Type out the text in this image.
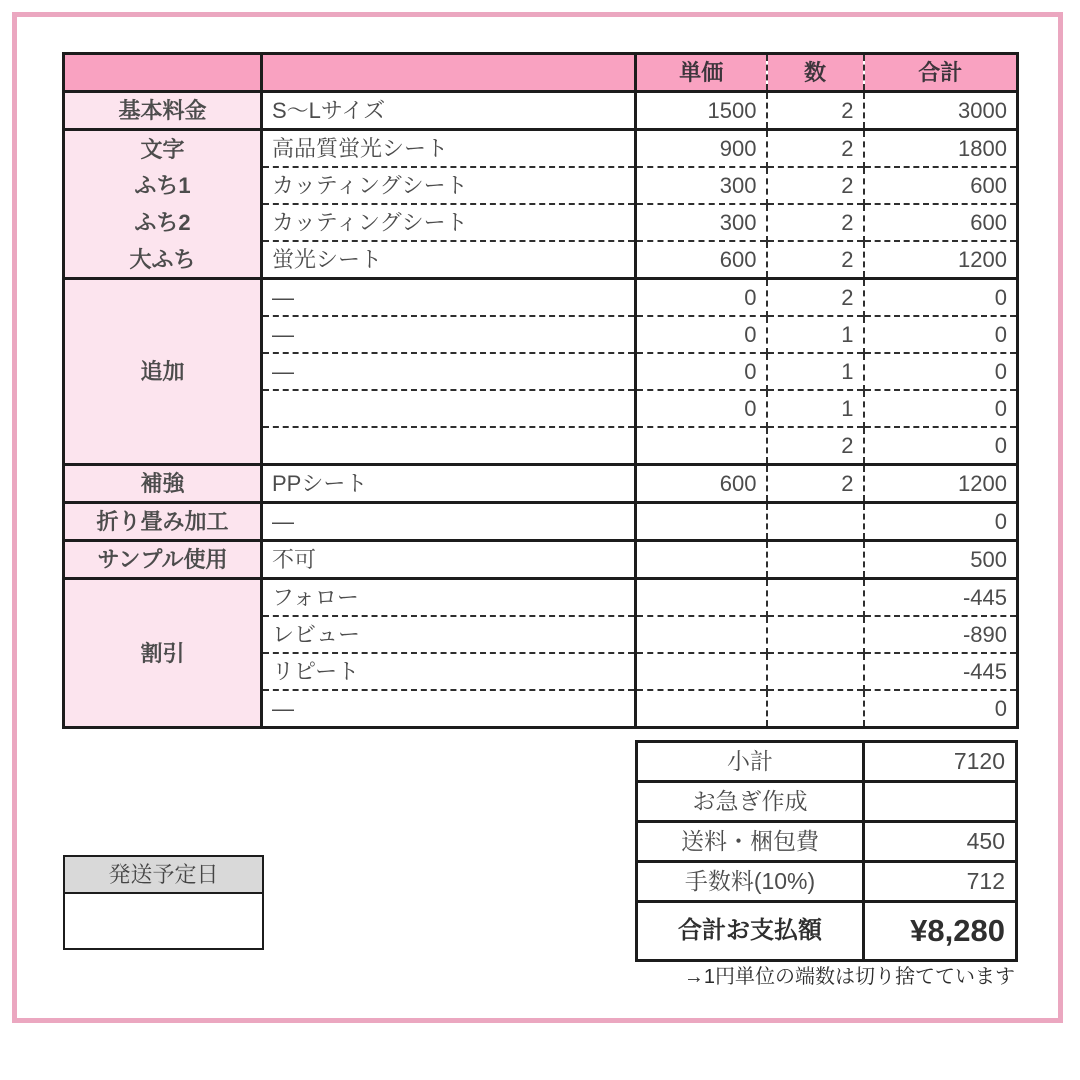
		単価	数	合計
基本料金	S〜Lサイズ	1500	2	3000
文字	高品質蛍光シート	900	2	1800
ふち1	カッティングシート	300	2	600
ふち2	カッティングシート	300	2	600
大ふち	蛍光シート	600	2	1200
追加	—	0	2	0
	—	0	1	0
	—	0	1	0
		0	1	0
			2	0
補強	PPシート	600	2	1200
折り畳み加工	—			0
サンプル使用	不可			500
割引	フォロー			-445
	レビュー			-890
	リピート			-445
	—			0
小計	7120
お急ぎ作成	
送料・梱包費	450
手数料(10%)	712
合計お支払額	¥8,280
発送予定日
→1円単位の端数は切り捨てています
